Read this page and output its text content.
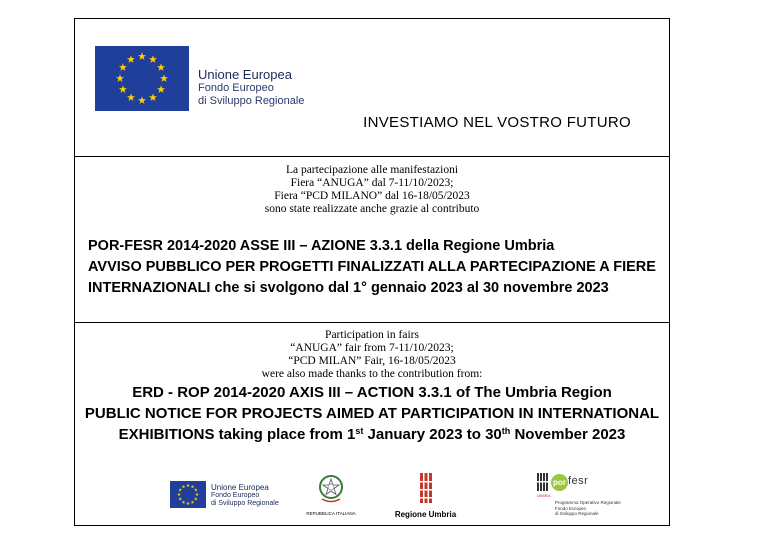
Unione Europea
Fondo Europeo
di Sviluppo Regionale
INVESTIAMO NEL VOSTRO FUTURO
La partecipazione alle manifestazioni
Fiera “ANUGA” dal 7-11/10/2023;
Fiera “PCD MILANO” dal 16-18/05/2023
sono state realizzate anche grazie al contributo
POR-FESR 2014-2020 ASSE III – AZIONE 3.3.1 della Regione Umbria
AVVISO PUBBLICO PER PROGETTI FINALIZZATI ALLA PARTECIPAZIONE A FIERE
INTERNAZIONALI che si svolgono dal 1° gennaio 2023 al 30 novembre 2023
Participation in fairs
“ANUGA” fair from 7-11/10/2023;
“PCD MILAN” Fair, 16-18/05/2023
were also made thanks to the contribution from:
ERD - ROP 2014-2020 AXIS III – ACTION 3.3.1 of The Umbria Region
PUBLIC NOTICE FOR PROJECTS AIMED AT PARTICIPATION IN INTERNATIONAL
EXHIBITIONS taking place from 1st January 2023 to 30th November 2023
Unione Europea
Fondo Europeo
di Sviluppo Regionale
REPUBBLICA ITALIANA	Regione Umbria
por fesr
UMBRIA
Programma Operativo Regionale
Fondo Europeo
di Sviluppo Regionale
